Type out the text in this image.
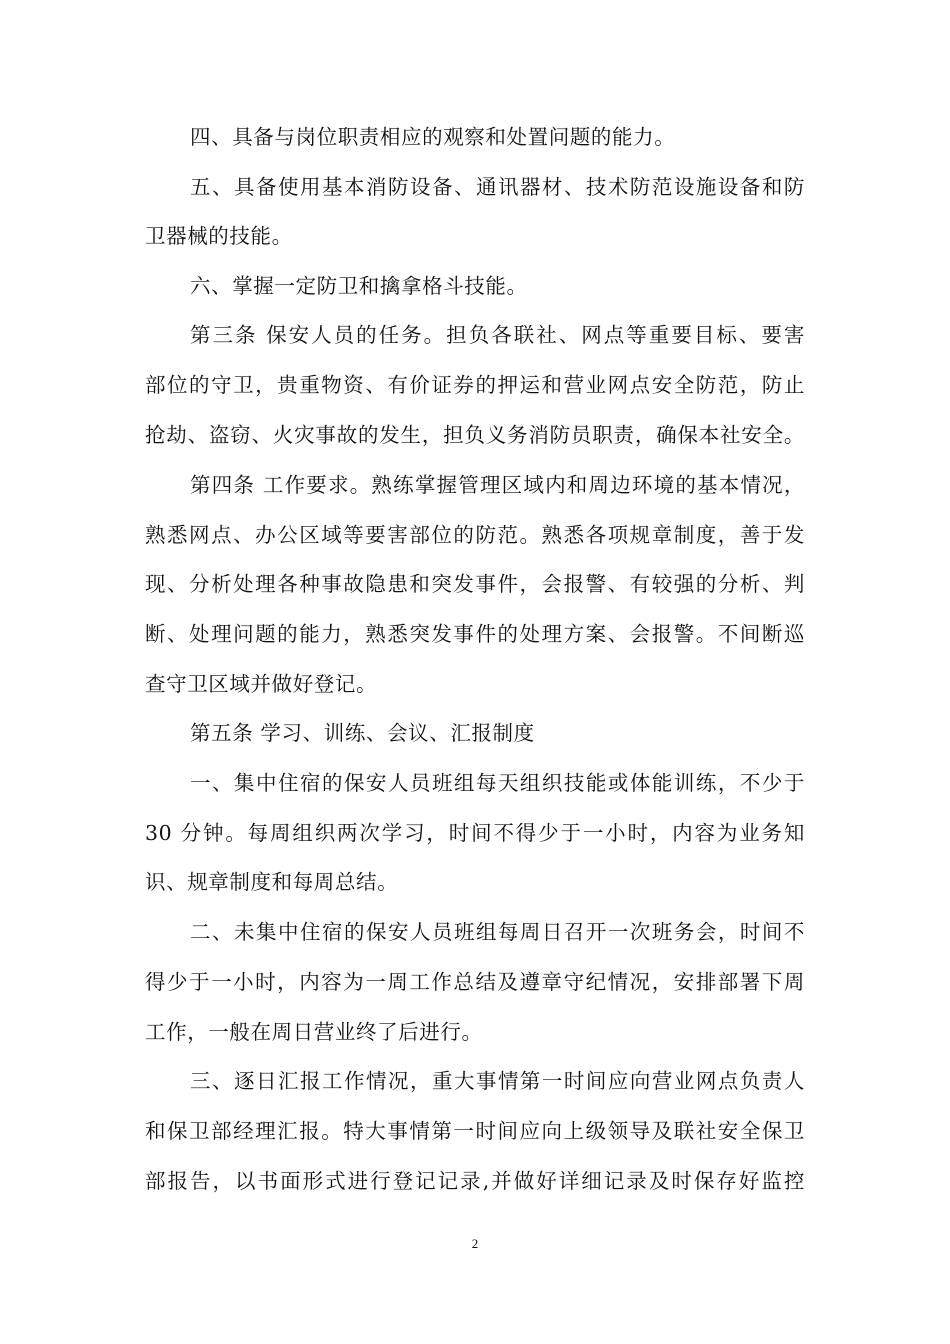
四、具备与岗位职责相应的观察和处置问题的能力。
五、具备使用基本消防设备、通讯器材、技术防范设施设备和防
卫器械的技能。
六、掌握一定防卫和擒拿格斗技能。
第三条 保安人员的任务。担负各联社、网点等重要目标、要害
部位的守卫，贵重物资、有价证券的押运和营业网点安全防范，防止
抢劫、盗窃、火灾事故的发生，担负义务消防员职责，确保本社安全。
第四条 工作要求。熟练掌握管理区域内和周边环境的基本情况，
熟悉网点、办公区域等要害部位的防范。熟悉各项规章制度，善于发
现、分析处理各种事故隐患和突发事件，会报警、有较强的分析、判
断、处理问题的能力，熟悉突发事件的处理方案、会报警。不间断巡
查守卫区域并做好登记。
第五条 学习、训练、会议、汇报制度
一、集中住宿的保安人员班组每天组织技能或体能训练，不少于
30 分钟。每周组织两次学习，时间不得少于一小时，内容为业务知
识、规章制度和每周总结。
二、未集中住宿的保安人员班组每周日召开一次班务会，时间不
得少于一小时，内容为一周工作总结及遵章守纪情况，安排部署下周
工作，一般在周日营业终了后进行。
三、逐日汇报工作情况，重大事情第一时间应向营业网点负责人
和保卫部经理汇报。特大事情第一时间应向上级领导及联社安全保卫
部报告，以书面形式进行登记记录,并做好详细记录及时保存好监控
2
